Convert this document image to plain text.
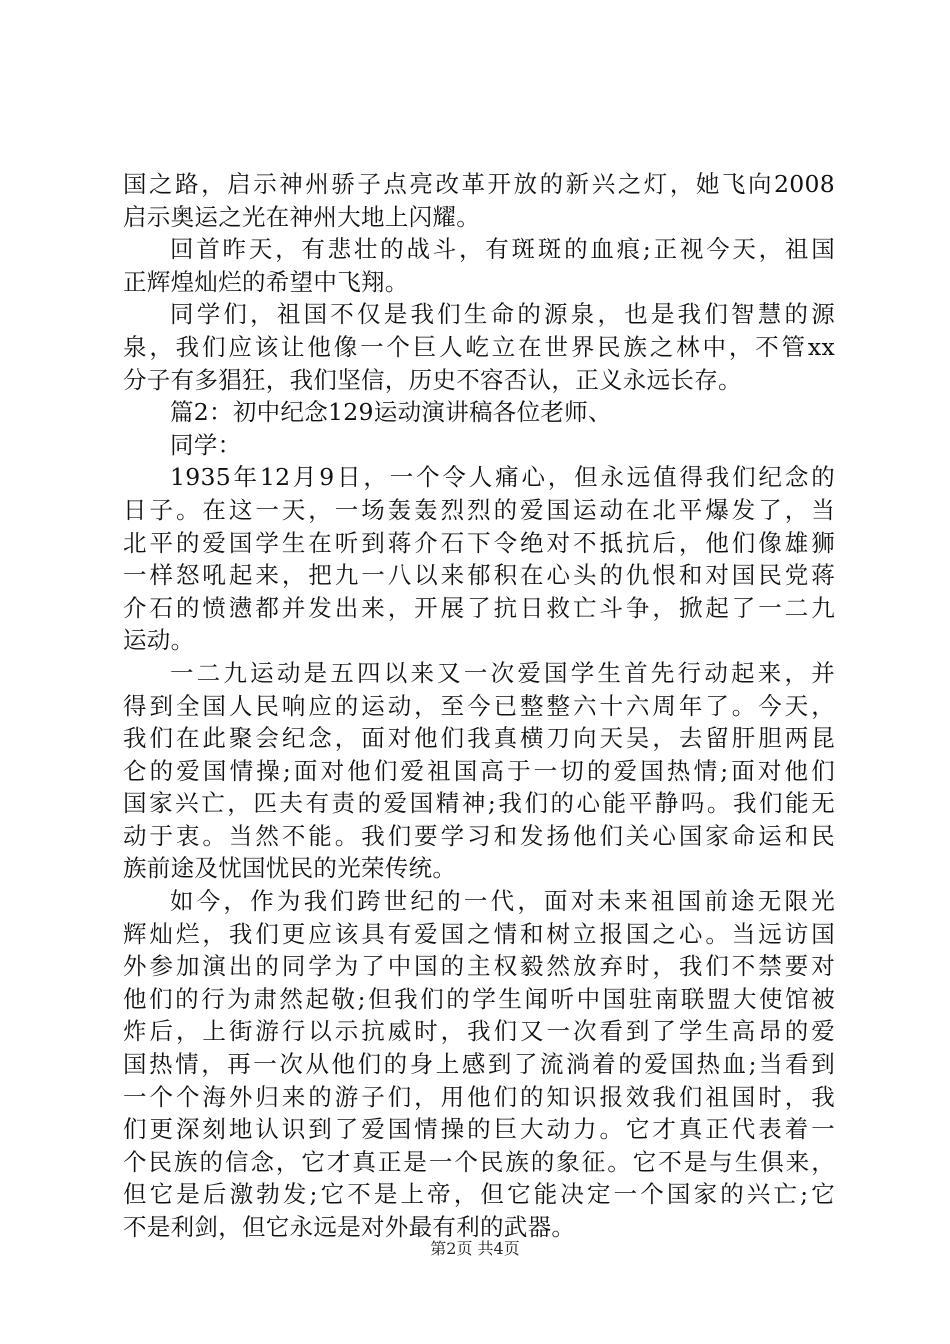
国之路，启示神州骄子点亮改革开放的新兴之灯，她飞向2008
启示奥运之光在神州大地上闪耀。
回首昨天，有悲壮的战斗，有斑斑的血痕;正视今天，祖国
正辉煌灿烂的希望中飞翔。
同学们，祖国不仅是我们生命的源泉，也是我们智慧的源
泉，我们应该让他像一个巨人屹立在世界民族之林中，不管xx
分子有多猖狂，我们坚信，历史不容否认，正义永远长存。
篇2：初中纪念129运动演讲稿各位老师、
同学：
1935年12月9日，一个令人痛心，但永远值得我们纪念的
日子。在这一天，一场轰轰烈烈的爱国运动在北平爆发了，当
北平的爱国学生在听到蒋介石下令绝对不抵抗后，他们像雄狮
一样怒吼起来，把九一八以来郁积在心头的仇恨和对国民党蒋
介石的愤懑都并发出来，开展了抗日救亡斗争，掀起了一二九
运动。
一二九运动是五四以来又一次爱国学生首先行动起来，并
得到全国人民响应的运动，至今已整整六十六周年了。今天，
我们在此聚会纪念，面对他们我真横刀向天吴，去留肝胆两昆
仑的爱国情操;面对他们爱祖国高于一切的爱国热情;面对他们
国家兴亡，匹夫有责的爱国精神;我们的心能平静吗。我们能无
动于衷。当然不能。我们要学习和发扬他们关心国家命运和民
族前途及忧国忧民的光荣传统。
如今，作为我们跨世纪的一代，面对未来祖国前途无限光
辉灿烂，我们更应该具有爱国之情和树立报国之心。当远访国
外参加演出的同学为了中国的主权毅然放弃时，我们不禁要对
他们的行为肃然起敬;但我们的学生闻听中国驻南联盟大使馆被
炸后，上街游行以示抗威时，我们又一次看到了学生高昂的爱
国热情，再一次从他们的身上感到了流淌着的爱国热血;当看到
一个个海外归来的游子们，用他们的知识报效我们祖国时，我
们更深刻地认识到了爱国情操的巨大动力。它才真正代表着一
个民族的信念，它才真正是一个民族的象征。它不是与生俱来，
但它是后激勃发;它不是上帝，但它能决定一个国家的兴亡;它
不是利剑，但它永远是对外最有利的武器。
第2页 共4页
